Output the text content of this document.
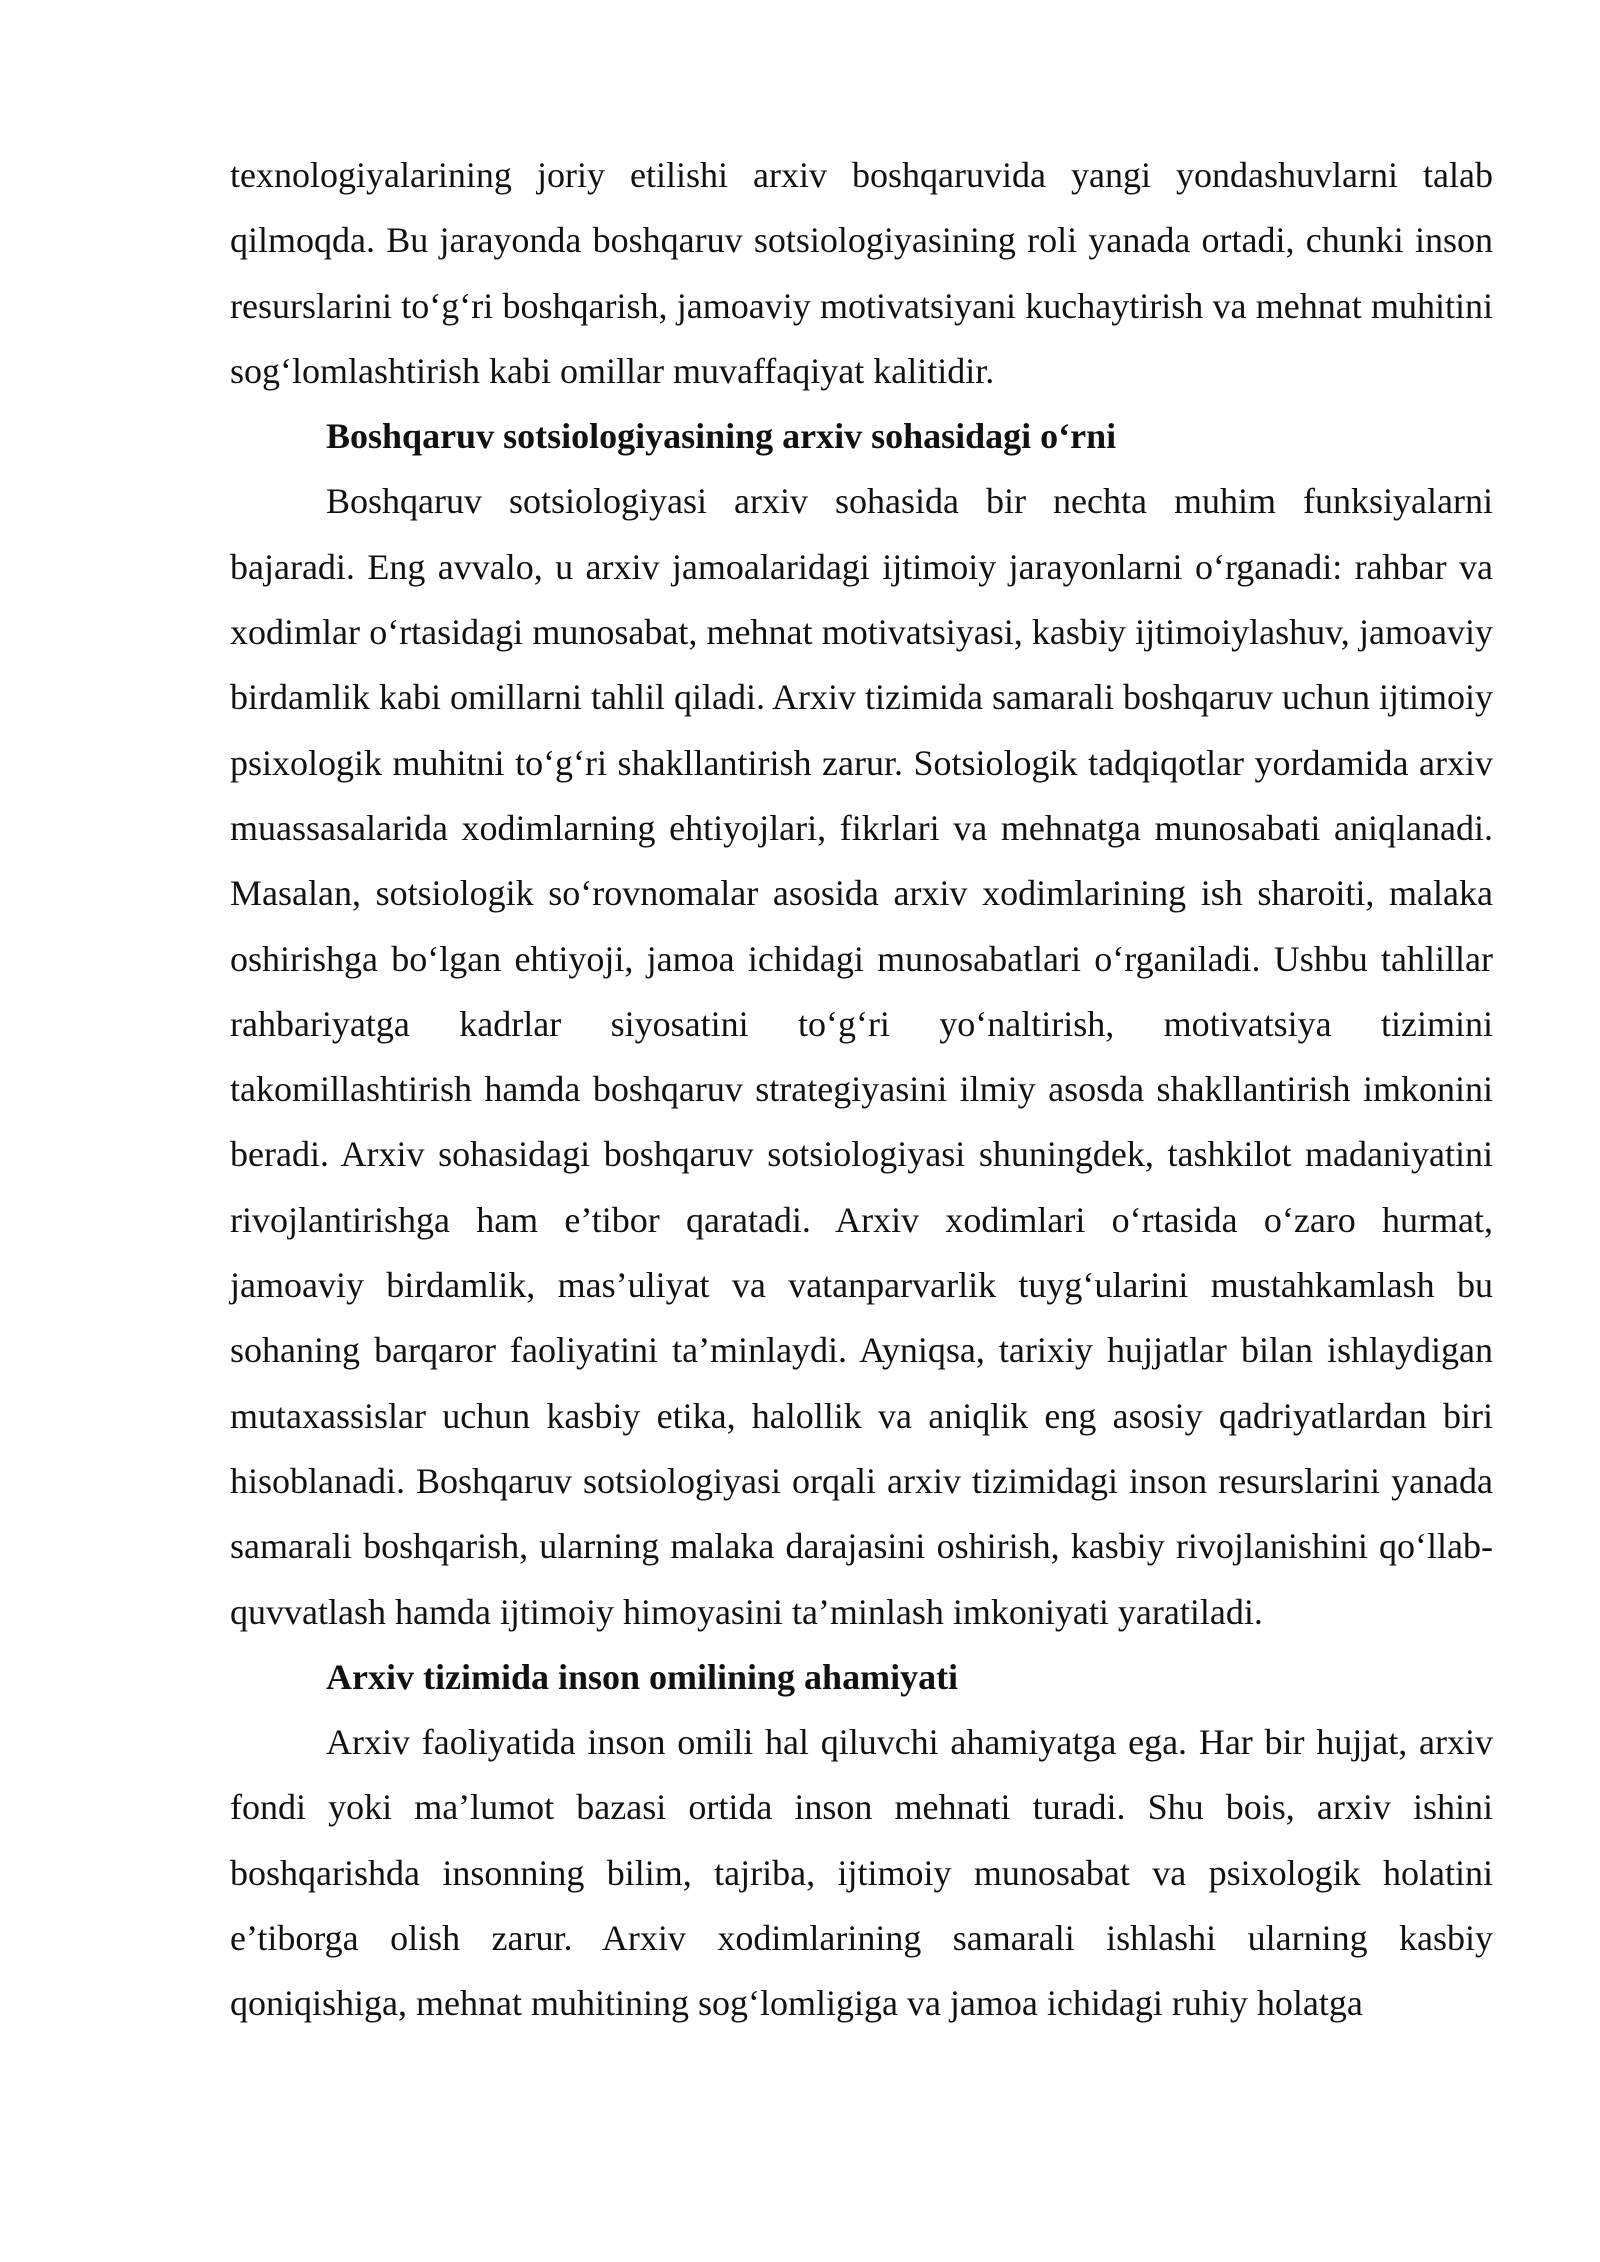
texnologiyalarining joriy etilishi arxiv boshqaruvida yangi yondashuvlarni talab qilmoqda. Bu jarayonda boshqaruv sotsiologiyasining roli yanada ortadi, chunki inson resurslarini to‘g‘ri boshqarish, jamoaviy motivatsiyani kuchaytirish va mehnat muhitini sog‘lomlashtirish kabi omillar muvaffaqiyat kalitidir.

Boshqaruv sotsiologiyasining arxiv sohasidagi o‘rni

Boshqaruv sotsiologiyasi arxiv sohasida bir nechta muhim funksiyalarni bajaradi. Eng avvalo, u arxiv jamoalaridagi ijtimoiy jarayonlarni o‘rganadi: rahbar va xodimlar o‘rtasidagi munosabat, mehnat motivatsiyasi, kasbiy ijtimoiylashuv, jamoaviy birdamlik kabi omillarni tahlil qiladi. Arxiv tizimida samarali boshqaruv uchun ijtimoiy psixologik muhitni to‘g‘ri shakllantirish zarur. Sotsiologik tadqiqotlar yordamida arxiv muassasalarida xodimlarning ehtiyojlari, fikrlari va mehnatga munosabati aniqlanadi. Masalan, sotsiologik so‘rovnomalar asosida arxiv xodimlarining ish sharoiti, malaka oshirishga bo‘lgan ehtiyoji, jamoa ichidagi munosabatlari o‘rganiladi. Ushbu tahlillar rahbariyatga kadrlar siyosatini to‘g‘ri yo‘naltirish, motivatsiya tizimini takomillashtirish hamda boshqaruv strategiyasini ilmiy asosda shakllantirish imkonini beradi. Arxiv sohasidagi boshqaruv sotsiologiyasi shuningdek, tashkilot madaniyatini rivojlantirishga ham e’tibor qaratadi. Arxiv xodimlari o‘rtasida o‘zaro hurmat, jamoaviy birdamlik, mas’uliyat va vatanparvarlik tuyg‘ularini mustahkamlash bu sohaning barqaror faoliyatini ta’minlaydi. Ayniqsa, tarixiy hujjatlar bilan ishlaydigan mutaxassislar uchun kasbiy etika, halollik va aniqlik eng asosiy qadriyatlardan biri hisoblanadi. Boshqaruv sotsiologiyasi orqali arxiv tizimidagi inson resurslarini yanada samarali boshqarish, ularning malaka darajasini oshirish, kasbiy rivojlanishini qo‘llab-quvvatlash hamda ijtimoiy himoyasini ta’minlash imkoniyati yaratiladi.

Arxiv tizimida inson omilining ahamiyati

Arxiv faoliyatida inson omili hal qiluvchi ahamiyatga ega. Har bir hujjat, arxiv fondi yoki ma’lumot bazasi ortida inson mehnati turadi. Shu bois, arxiv ishini boshqarishda insonning bilim, tajriba, ijtimoiy munosabat va psixologik holatini e’tiborga olish zarur. Arxiv xodimlarining samarali ishlashi ularning kasbiy qoniqishiga, mehnat muhitining sog‘lomligiga va jamoa ichidagi ruhiy holatga
